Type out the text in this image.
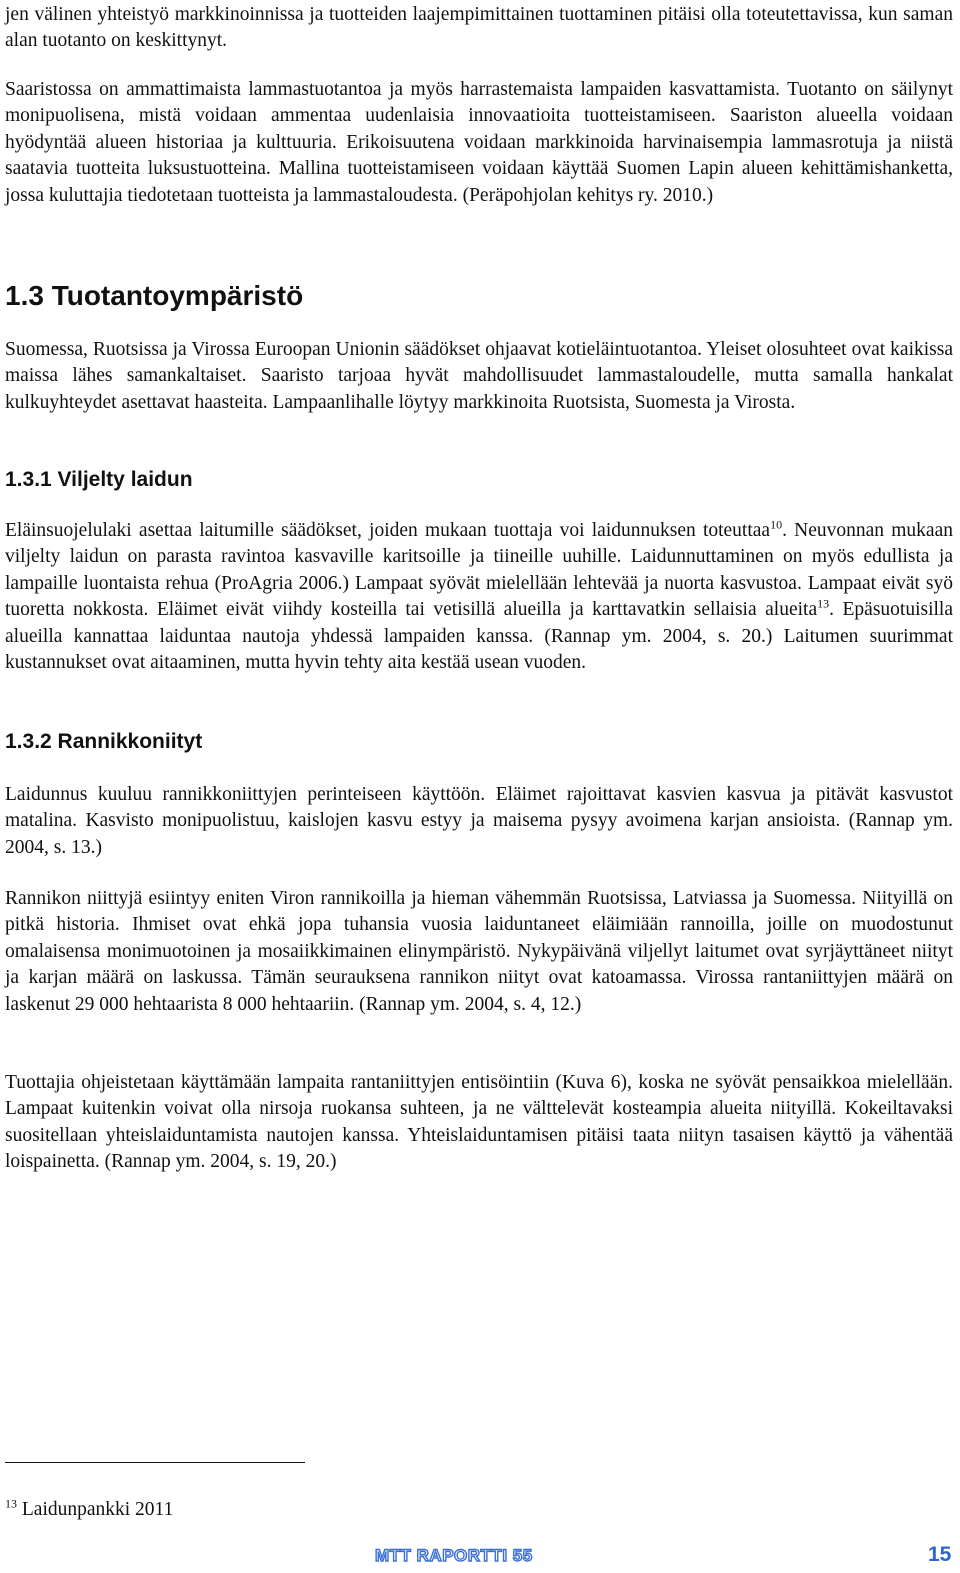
jen välinen yhteistyö markkinoinnissa ja tuotteiden laajempimittainen tuottaminen pitäisi olla toteutettavissa, kun saman alan tuotanto on keskittynyt.

Saaristossa on ammattimaista lammastuotantoa ja myös harrastemaista lampaiden kasvattamista. Tuotanto on säilynyt monipuolisena, mistä voidaan ammentaa uudenlaisia innovaatioita tuotteistamiseen. Saariston alueella voidaan hyödyntää alueen historiaa ja kulttuuria. Erikoisuutena voidaan markkinoida harvinaisempia lammasrotuja ja niistä saatavia tuotteita luksustuotteina. Mallina tuotteistamiseen voidaan käyttää Suomen Lapin alueen kehittämishanketta, jossa kuluttajia tiedotetaan tuotteista ja lammastaloudesta. (Peräpohjolan kehitys ry. 2010.)

1.3 Tuotantoympäristö

Suomessa, Ruotsissa ja Virossa Euroopan Unionin säädökset ohjaavat kotieläintuotantoa. Yleiset olosuhteet ovat kaikissa maissa lähes samankaltaiset. Saaristo tarjoaa hyvät mahdollisuudet lammastaloudelle, mutta samalla hankalat kulkuyhteydet asettavat haasteita. Lampaanlihalle löytyy markkinoita Ruotsista, Suomesta ja Virosta.

1.3.1 Viljelty laidun

Eläinsuojelulaki asettaa laitumille säädökset, joiden mukaan tuottaja voi laidunnuksen toteuttaa$^{10}$. Neuvonnan mukaan viljelty laidun on parasta ravintoa kasvaville karitsoille ja tiineille uuhille. Laidunnuttaminen on myös edullista ja lampaille luontaista rehua (ProAgria 2006.) Lampaat syövät mielellään lehtevää ja nuorta kasvustoa. Lampaat eivät syö tuoretta nokkosta. Eläimet eivät viihdy kosteilla tai vetisillä alueilla ja karttavatkin sellaisia alueita$^{13}$. Epäsuotuisilla alueilla kannattaa laiduntaa nautoja yhdessä lampaiden kanssa. (Rannap ym. 2004, s. 20.) Laitumen suurimmat kustannukset ovat aitaaminen, mutta hyvin tehty aita kestää usean vuoden.

1.3.2 Rannikkoniityt

Laidunnus kuuluu rannikkoniittyjen perinteiseen käyttöön. Eläimet rajoittavat kasvien kasvua ja pitävät kasvustot matalina. Kasvisto monipuolistuu, kaislojen kasvu estyy ja maisema pysyy avoimena karjan ansioista. (Rannap ym. 2004, s. 13.)

Rannikon niittyjä esiintyy eniten Viron rannikoilla ja hieman vähemmän Ruotsissa, Latviassa ja Suomessa. Niityillä on pitkä historia. Ihmiset ovat ehkä jopa tuhansia vuosia laiduntaneet eläimiään rannoilla, joille on muodostunut omalaisensa monimuotoinen ja mosaiikkimainen elinympäristö. Nykypäivänä viljellyt laitumet ovat syrjäyttäneet niityt ja karjan määrä on laskussa. Tämän seurauksena rannikon niityt ovat katoamassa. Virossa rantaniittyjen määrä on laskenut 29 000 hehtaarista 8 000 hehtaariin. (Rannap ym. 2004, s. 4, 12.)

Tuottajia ohjeistetaan käyttämään lampaita rantaniittyjen entisöintiin (Kuva 6), koska ne syövät pensaikkoa mielellään. Lampaat kuitenkin voivat olla nirsoja ruokansa suhteen, ja ne välttelevät kosteampia alueita niityillä. Kokeiltavaksi suositellaan yhteislaiduntamista nautojen kanssa. Yhteislaiduntamisen pitäisi taata niityn tasaisen käyttö ja vähentää loispainetta. (Rannap ym. 2004, s. 19, 20.)

$^{13}$ Laidunpankki 2011

MTT RAPORTTI 55	15
